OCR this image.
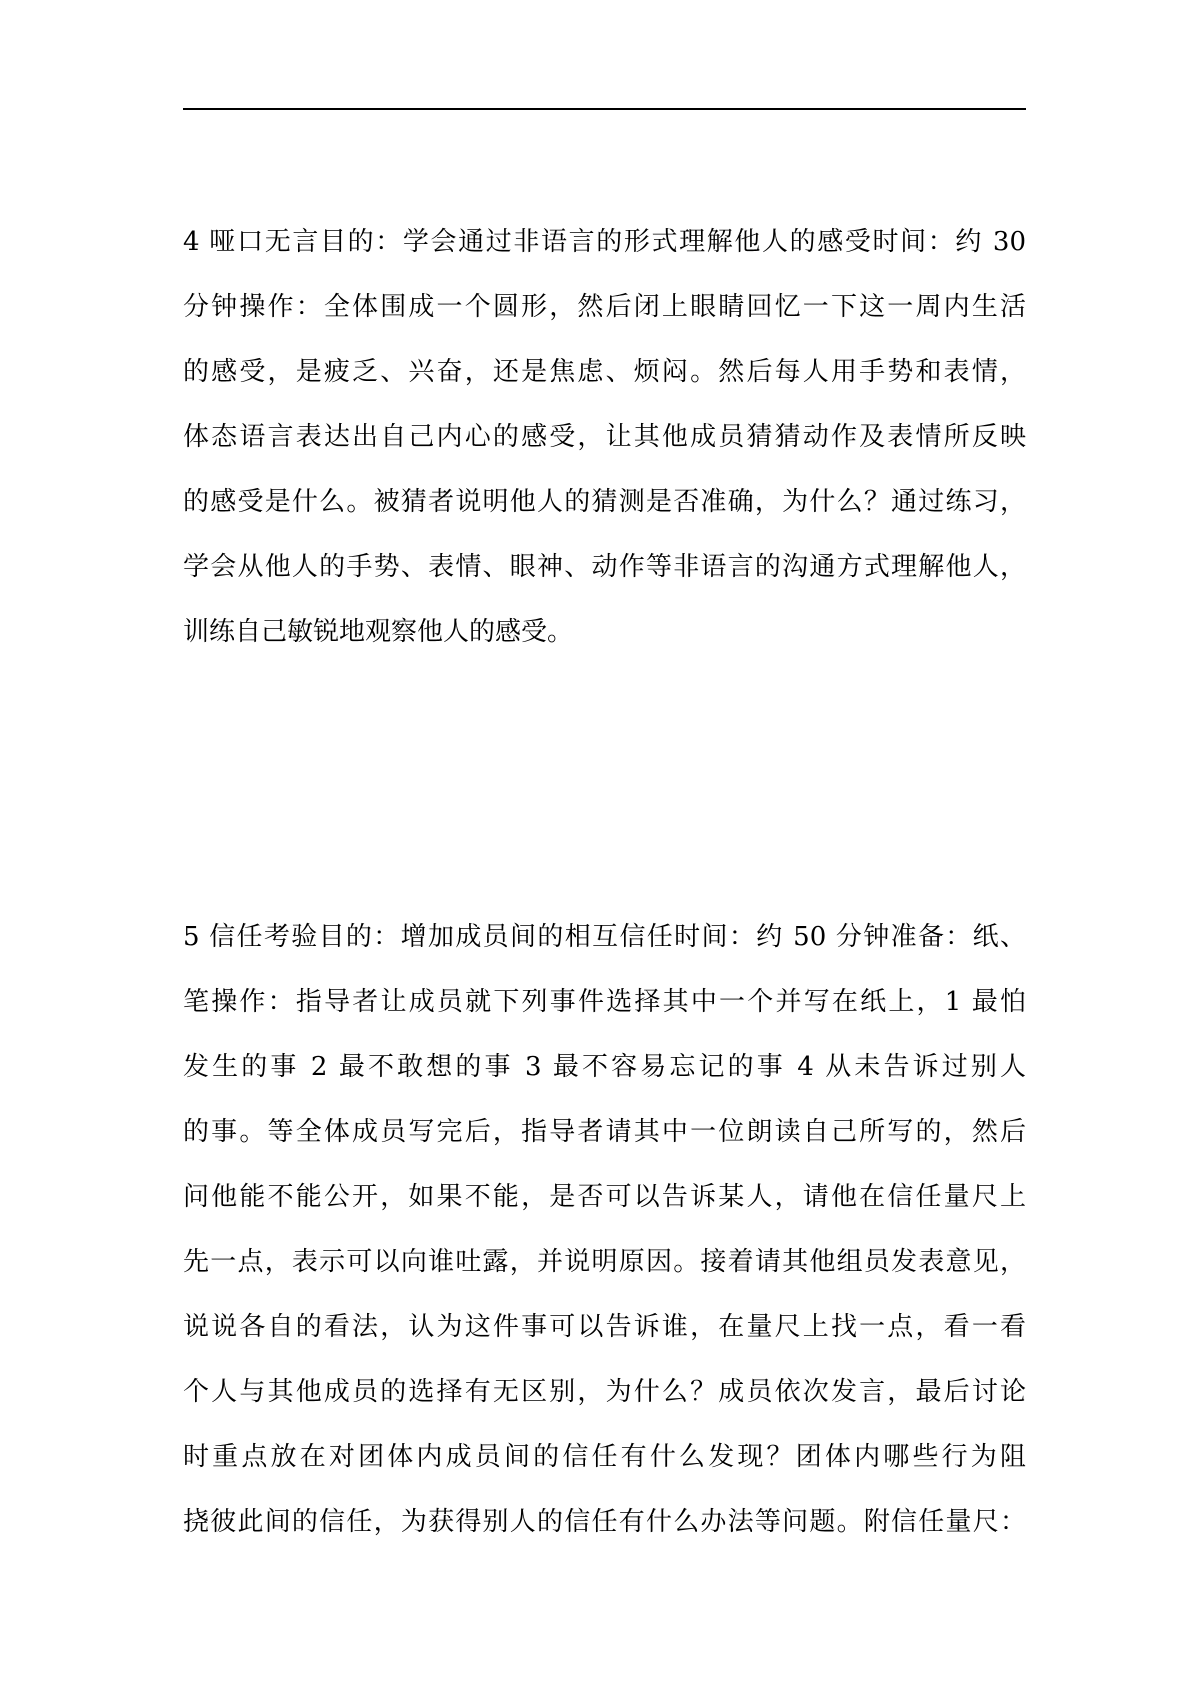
4 哑口无言目的：学会通过非语言的形式理解他人的感受时间：约 30
分钟操作：全体围成一个圆形，然后闭上眼睛回忆一下这一周内生活
的感受，是疲乏、兴奋，还是焦虑、烦闷。然后每人用手势和表情，
体态语言表达出自己内心的感受，让其他成员猜猜动作及表情所反映
的感受是什么。被猜者说明他人的猜测是否准确，为什么？通过练习，
学会从他人的手势、表情、眼神、动作等非语言的沟通方式理解他人，
训练自己敏锐地观察他人的感受。
5 信任考验目的：增加成员间的相互信任时间：约 50 分钟准备：纸、
笔操作：指导者让成员就下列事件选择其中一个并写在纸上，1 最怕
发生的事 2 最不敢想的事 3 最不容易忘记的事 4 从未告诉过别人
的事。等全体成员写完后，指导者请其中一位朗读自己所写的，然后
问他能不能公开，如果不能，是否可以告诉某人，请他在信任量尺上
先一点，表示可以向谁吐露，并说明原因。接着请其他组员发表意见，
说说各自的看法，认为这件事可以告诉谁，在量尺上找一点，看一看
个人与其他成员的选择有无区别，为什么？成员依次发言，最后讨论
时重点放在对团体内成员间的信任有什么发现？团体内哪些行为阻
挠彼此间的信任，为获得别人的信任有什么办法等问题。附信任量尺：
